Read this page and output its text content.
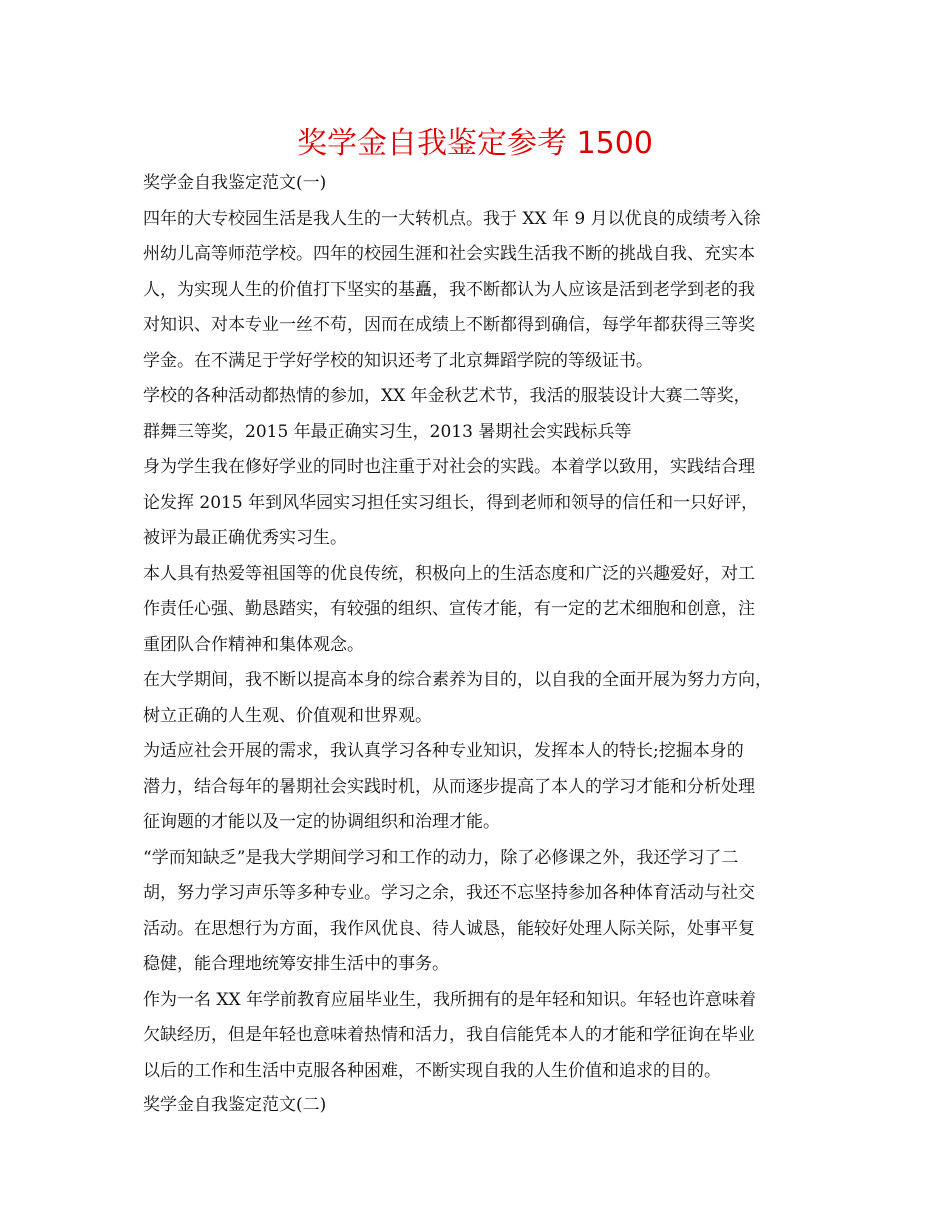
奖学金自我鉴定参考 1500
奖学金自我鉴定范文(一)
四年的大专校园生活是我人生的一大转机点。我于 XX 年 9 月以优良的成绩考入徐
州幼儿高等师范学校。四年的校园生涯和社会实践生活我不断的挑战自我、充实本
人，为实现人生的价值打下坚实的基矗，我不断都认为人应该是活到老学到老的我
对知识、对本专业一丝不苟，因而在成绩上不断都得到确信，每学年都获得三等奖
学金。在不满足于学好学校的知识还考了北京舞蹈学院的等级证书。
学校的各种活动都热情的参加，XX 年金秋艺术节，我活的服装设计大赛二等奖，
群舞三等奖，2015 年最正确实习生，2013 暑期社会实践标兵等
身为学生我在修好学业的同时也注重于对社会的实践。本着学以致用，实践结合理
论发挥 2015 年到风华园实习担任实习组长，得到老师和领导的信任和一只好评，
被评为最正确优秀实习生。
本人具有热爱等祖国等的优良传统，积极向上的生活态度和广泛的兴趣爱好，对工
作责任心强、勤恳踏实，有较强的组织、宣传才能，有一定的艺术细胞和创意，注
重团队合作精神和集体观念。
在大学期间，我不断以提高本身的综合素养为目的，以自我的全面开展为努力方向，
树立正确的人生观、价值观和世界观。
为适应社会开展的需求，我认真学习各种专业知识，发挥本人的特长;挖掘本身的
潜力，结合每年的暑期社会实践时机，从而逐步提高了本人的学习才能和分析处理
征询题的才能以及一定的协调组织和治理才能。
“学而知缺乏”是我大学期间学习和工作的动力，除了必修课之外，我还学习了二
胡，努力学习声乐等多种专业。学习之余，我还不忘坚持参加各种体育活动与社交
活动。在思想行为方面，我作风优良、待人诚恳，能较好处理人际关际，处事平复
稳健，能合理地统筹安排生活中的事务。
作为一名 XX 年学前教育应届毕业生，我所拥有的是年轻和知识。年轻也许意味着
欠缺经历，但是年轻也意味着热情和活力，我自信能凭本人的才能和学征询在毕业
以后的工作和生活中克服各种困难，不断实现自我的人生价值和追求的目的。
奖学金自我鉴定范文(二)
